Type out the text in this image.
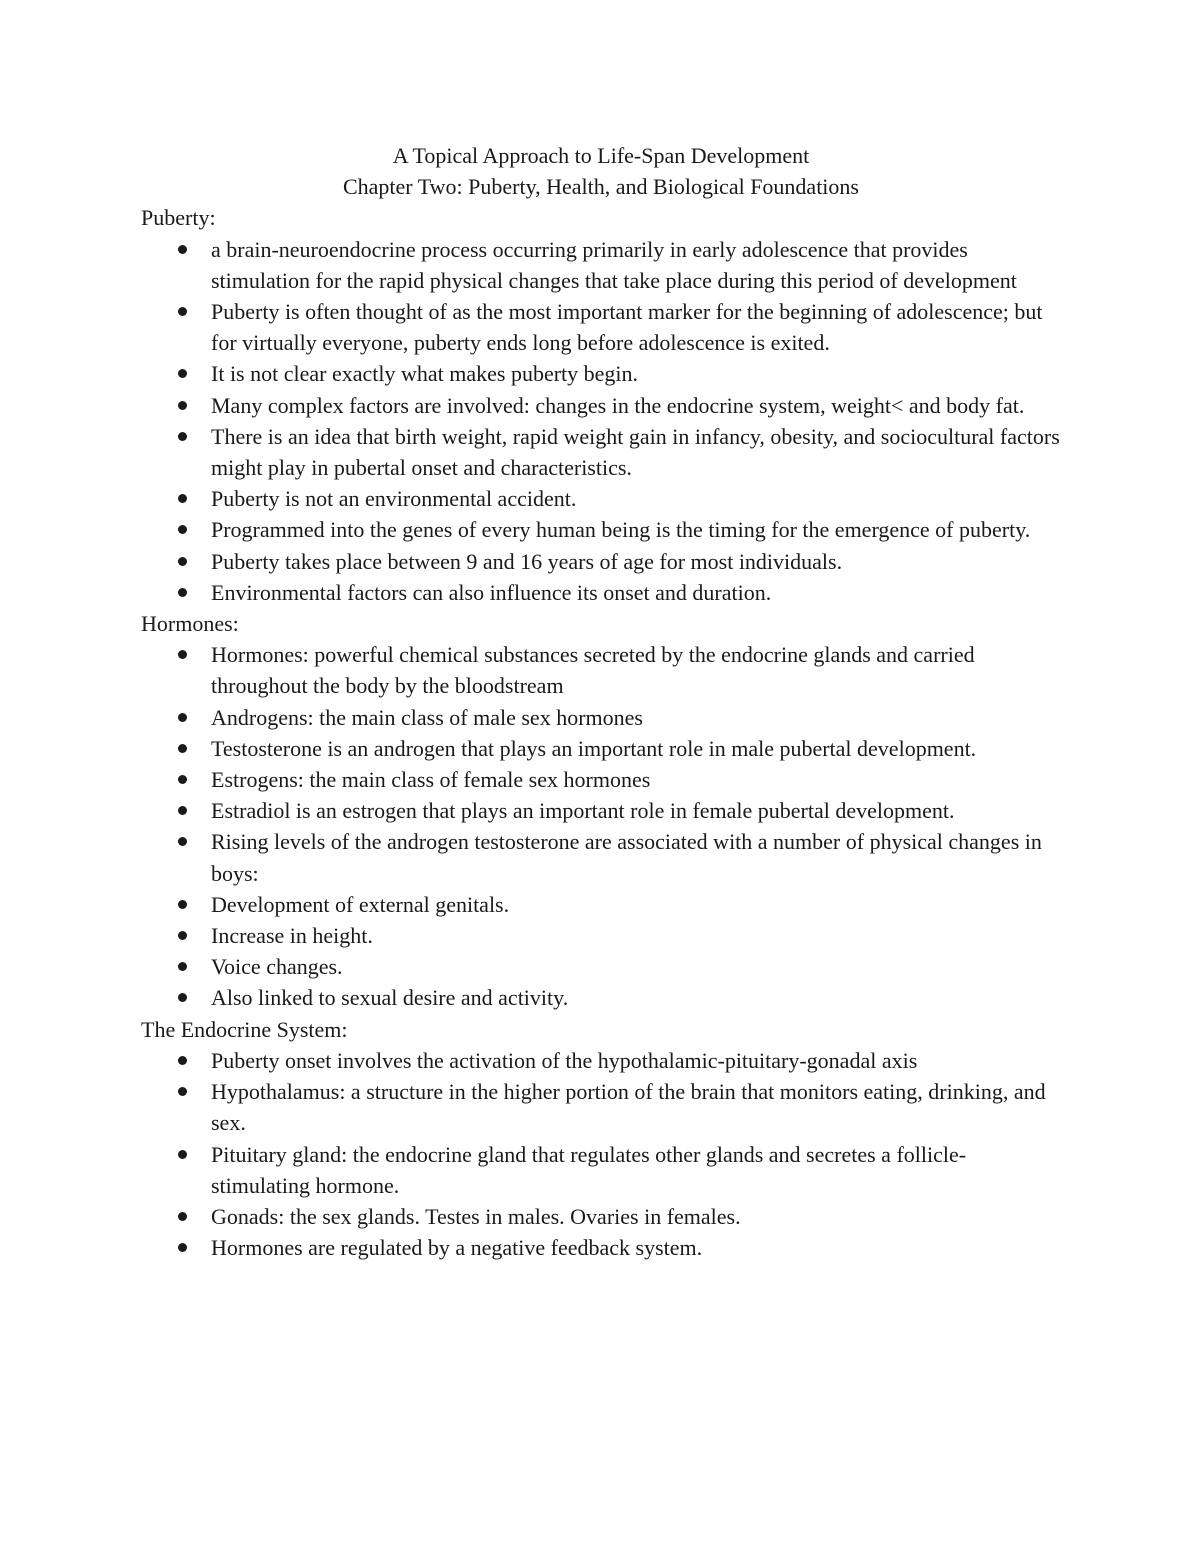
A Topical Approach to Life-Span Development

Chapter Two: Puberty, Health, and Biological Foundations

Puberty:

a brain-neuroendocrine process occurring primarily in early adolescence that provides stimulation for the rapid physical changes that take place during this period of development
Puberty is often thought of as the most important marker for the beginning of adolescence; but for virtually everyone, puberty ends long before adolescence is exited.
It is not clear exactly what makes puberty begin.
Many complex factors are involved: changes in the endocrine system, weight< and body fat.
There is an idea that birth weight, rapid weight gain in infancy, obesity, and sociocultural factors might play in pubertal onset and characteristics.
Puberty is not an environmental accident.
Programmed into the genes of every human being is the timing for the emergence of puberty.
Puberty takes place between 9 and 16 years of age for most individuals.
Environmental factors can also influence its onset and duration.

Hormones:

Hormones: powerful chemical substances secreted by the endocrine glands and carried throughout the body by the bloodstream
Androgens: the main class of male sex hormones
Testosterone is an androgen that plays an important role in male pubertal development.
Estrogens: the main class of female sex hormones
Estradiol is an estrogen that plays an important role in female pubertal development.
Rising levels of the androgen testosterone are associated with a number of physical changes in boys:
Development of external genitals.
Increase in height.
Voice changes.
Also linked to sexual desire and activity.

The Endocrine System:

Puberty onset involves the activation of the hypothalamic-pituitary-gonadal axis
Hypothalamus: a structure in the higher portion of the brain that monitors eating, drinking, and sex.
Pituitary gland: the endocrine gland that regulates other glands and secretes a follicle-stimulating hormone.
Gonads: the sex glands. Testes in males. Ovaries in females.
Hormones are regulated by a negative feedback system.
